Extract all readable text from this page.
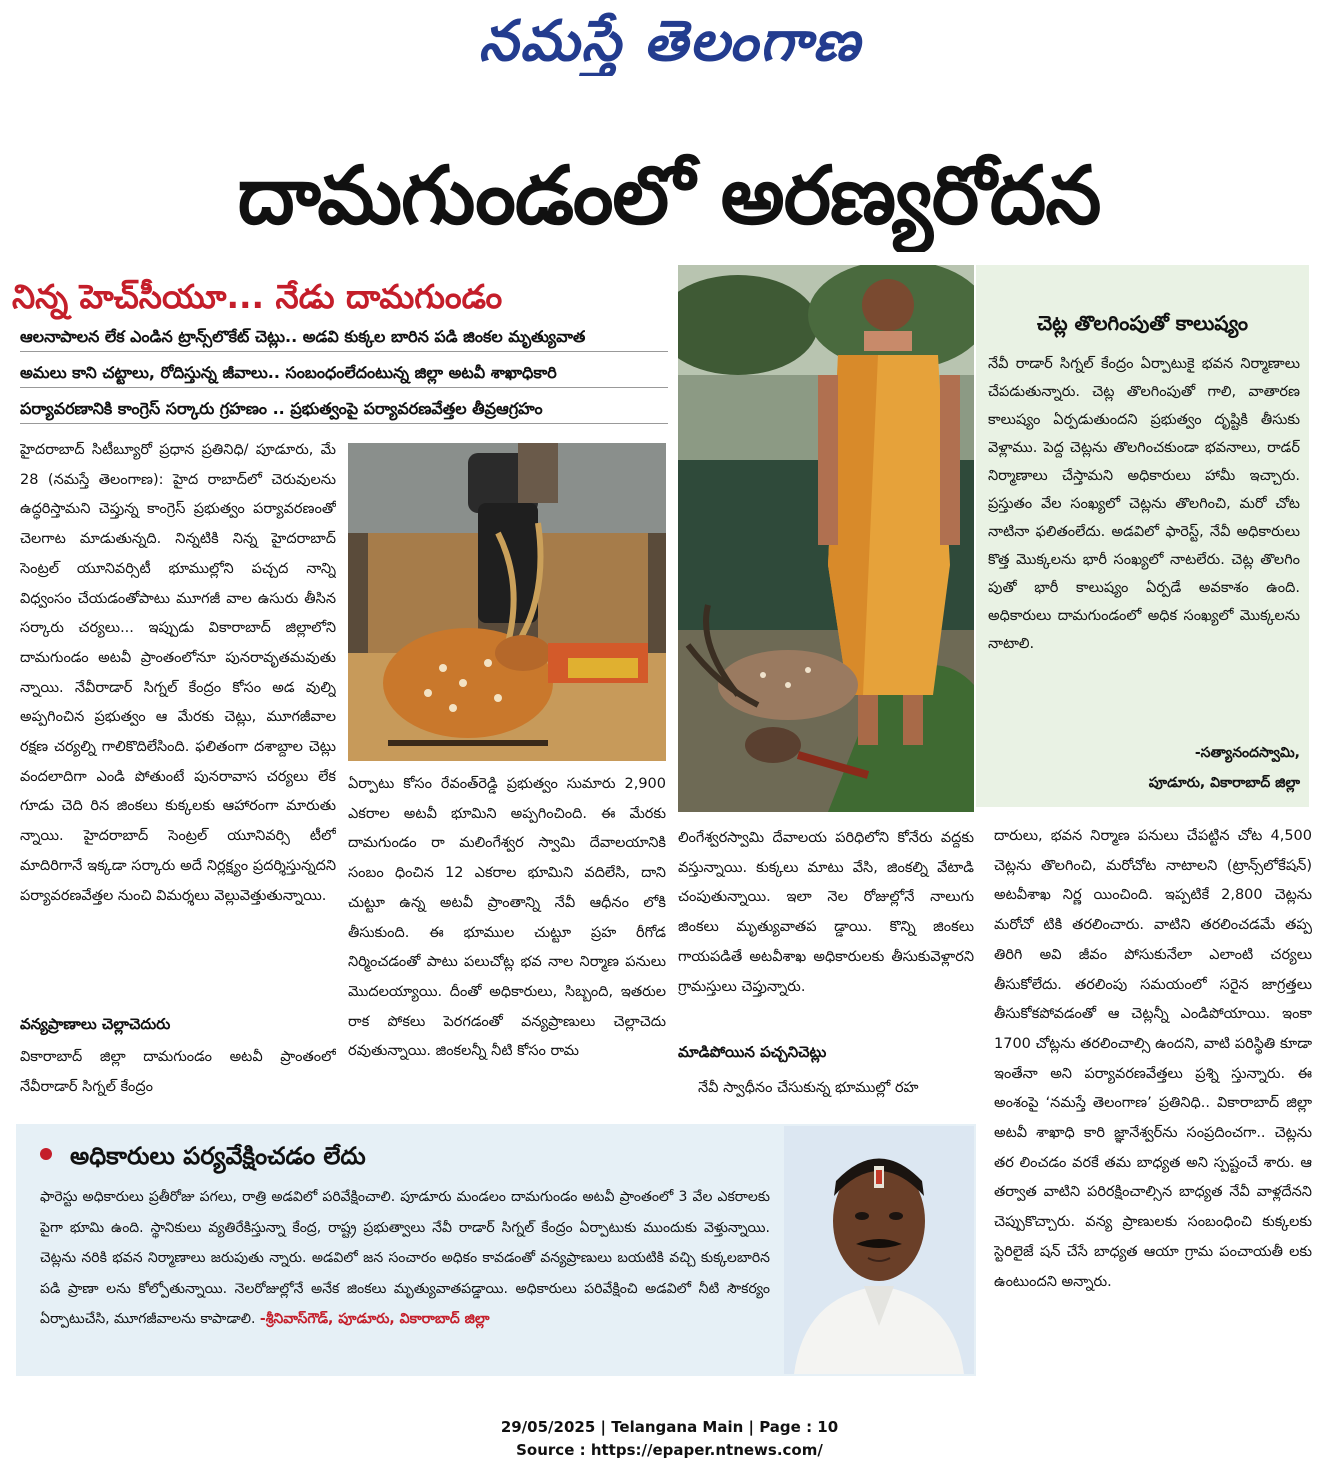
నమస్తే తెలంగాణ
దామగుండంలో అరణ్యరోదన
నిన్న హెచ్‌సీయూ... నేడు దామగుండం
ఆలనాపాలన లేక ఎండిన ట్రాన్స్‌లొకేట్ చెట్లు.. అడవి కుక్కల బారిన పడి జింకల మృత్యువాత
అమలు కాని చట్టాలు, రోదిస్తున్న జీవాలు.. సంబంధంలేదంటున్న జిల్లా అటవీ శాఖాధికారి
పర్యావరణానికి కాంగ్రెస్ సర్కారు గ్రహణం .. ప్రభుత్వంపై పర్యావరణవేత్తల తీవ్రఆగ్రహం

హైదరాబాద్ సిటీబ్యూరో ప్రధాన ప్రతినిధి/ పూడూరు, మే 28 (నమస్తే తెలంగాణ): హైద రాబాద్‌లో చెరువులను ఉద్ధరిస్తామని చెప్తున్న కాంగ్రెస్ ప్రభుత్వం పర్యావరణంతో చెలగాట మాడుతున్నది. నిన్నటికి నిన్న హైదరాబాద్ సెంట్రల్ యూనివర్సిటీ భూముల్లోని పచ్చద నాన్ని విధ్వంసం చేయడంతోపాటు మూగజీ వాల ఉసురు తీసిన సర్కారు చర్యలు... ఇప్పుడు వికారాబాద్ జిల్లాలోని దామగుండం అటవీ ప్రాంతంలోనూ పునరావృతమవుతు న్నాయి. నేవీరాడార్ సిగ్నల్ కేంద్రం కోసం అడ వుల్ని అప్పగించిన ప్రభుత్వం ఆ మేరకు చెట్లు, మూగజీవాల రక్షణ చర్యల్ని గాలికొదిలేసింది. ఫలితంగా దశాబ్దాల చెట్లు వందలాదిగా ఎండి పోతుంటే పునరావాస చర్యలు లేక గూడు చెది రిన జింకలు కుక్కలకు ఆహారంగా మారుతు న్నాయి. హైదరాబాద్ సెంట్రల్ యూనివర్సి టీలో మాదిరిగానే ఇక్కడా సర్కారు అదే నిర్లక్ష్యం ప్రదర్శిస్తున్నదని పర్యావరణవేత్తల నుంచి విమర్శలు వెల్లువెత్తుతున్నాయి.

వన్యప్రాణాలు చెల్లాచెదురు

వికారాబాద్ జిల్లా దామగుండం అటవీ ప్రాంతంలో నేవీరాడార్ సిగ్నల్ కేంద్రం

ఏర్పాటు కోసం రేవంత్‌రెడ్డి ప్రభుత్వం సుమారు 2,900 ఎకరాల అటవీ భూమిని అప్పగించింది. ఈ మేరకు దామగుండం రా మలింగేశ్వర స్వామి దేవాలయానికి సంబం ధించిన 12 ఎకరాల భూమిని వదిలేసి, దాని చుట్టూ ఉన్న అటవీ ప్రాంతాన్ని నేవీ ఆధీనం లోకి తీసుకుంది. ఈ భూముల చుట్టూ ప్రహ రీగోడ నిర్మించడంతో పాటు పలుచోట్ల భవ నాల నిర్మాణ పనులు మొదలయ్యాయి. దీంతో అధికారులు, సిబ్బంది, ఇతరుల రాక పోకలు పెరగడంతో వన్యప్రాణులు చెల్లాచెదు రవుతున్నాయి. జింకలన్నీ నీటి కోసం రామ

లింగేశ్వరస్వామి దేవాలయ పరిధిలోని కోనేరు వద్దకు వస్తున్నాయి. కుక్కలు మాటు వేసి, జింకల్ని వేటాడి చంపుతున్నాయి. ఇలా నెల రోజుల్లోనే నాలుగు జింకలు మృత్యువాతప డ్డాయి. కొన్ని జింకలు గాయపడితే అటవీశాఖ అధికారులకు తీసుకువెళ్లారని గ్రామస్తులు చెప్తున్నారు.

మాడిపోయిన పచ్చనిచెట్లు

నేవీ స్వాధీనం చేసుకున్న భూముల్లో రహ

చెట్ల తొలగింపుతో కాలుష్యం
నేవీ రాడార్ సిగ్నల్ కేంద్రం ఏర్పాటుకై భవన నిర్మాణాలు చేపడుతున్నారు. చెట్ల తొలగింపుతో గాలి, వాతారణ కాలుష్యం ఏర్పడుతుందని ప్రభుత్వం దృష్టికి తీసుకు వెళ్లాము. పెద్ద చెట్లను తొలగించకుండా భవనాలు, రాడర్ నిర్మాణాలు చేస్తామని అధికారులు హామీ ఇచ్చారు. ప్రస్తుతం వేల సంఖ్యలో చెట్లను తొలగించి, మరో చోట నాటినా ఫలితంలేదు. అడవిలో ఫారెస్ట్, నేవీ అధికారులు కొత్త మొక్కలను భారీ సంఖ్యలో నాటలేరు. చెట్ల తొలగిం పుతో భారీ కాలుష్యం ఏర్పడే అవకాశం ఉంది. అధికారులు దామగుండంలో అధిక సంఖ్యలో మొక్కలను నాటాలి.
-సత్యానందస్వామి,
పూడూరు, వికారాబాద్ జిల్లా

దారులు, భవన నిర్మాణ పనులు చేపట్టిన చోట 4,500 చెట్లను తొలగించి, మరోచోట నాటాలని (ట్రాన్స్‌లోకేషన్) అటవీశాఖ నిర్ణ యించింది. ఇప్పటికే 2,800 చెట్లను మరోచో టికి తరలించారు. వాటిని తరలించడమే తప్ప తిరిగి అవి జీవం పోసుకునేలా ఎలాంటి చర్యలు తీసుకోలేదు. తరలింపు సమయంలో సరైన జాగ్రత్తలు తీసుకోకపోవడంతో ఆ చెట్లన్నీ ఎండిపోయాయి. ఇంకా 1700 చోట్లను తరలించాల్సి ఉందని, వాటి పరిస్థితి కూడా ఇంతేనా అని పర్యావరణవేత్తలు ప్రశ్ని స్తున్నారు. ఈ అంశంపై ‘నమస్తే తెలంగాణ’ ప్రతినిధి.. వికారాబాద్ జిల్లా అటవీ శాఖాధి కారి జ్ఞానేశ్వర్‌ను సంప్రదించగా.. చెట్లను తర లించడం వరకే తమ బాధ్యత అని స్పష్టంచే శారు. ఆ తర్వాత వాటిని పరిరక్షించాల్సిన బాధ్యత నేవీ వాళ్లదేనని చెప్పుకొచ్చారు. వన్య ప్రాణులకు సంబంధించి కుక్కలకు స్టెరిలైజే షన్ చేసే బాధ్యత ఆయా గ్రామ పంచాయతీ లకు ఉంటుందని అన్నారు.

అధికారులు పర్యవేక్షించడం లేదు
ఫారెస్టు అధికారులు ప్రతీరోజు పగలు, రాత్రి అడవిలో పరివేక్షించాలి. పూడూరు మండలం దామగుండం అటవీ ప్రాంతంలో 3 వేల ఎకరాలకు పైగా భూమి ఉంది. స్థానికులు వ్యతిరేకిస్తున్నా కేంద్ర, రాష్ట్ర ప్రభుత్వాలు నేవీ రాడార్ సిగ్నల్ కేంద్రం ఏర్పాటుకు ముందుకు వెళ్తున్నాయి. చెట్లను నరికి భవన నిర్మాణాలు జరుపుతు న్నారు. అడవిలో జన సంచారం అధికం కావడంతో వన్యప్రాణులు బయటికి వచ్చి కుక్కలబారిన పడి ప్రాణా లను కోల్పోతున్నాయి. నెలరోజుల్లోనే అనేక జింకలు మృత్యువాతపడ్డాయి. అధికారులు పరివేక్షించి అడవిలో నీటి సౌకర్యం ఏర్పాటుచేసి, మూగజీవాలను కాపాడాలి. -శ్రీనివాస్‌గౌడ్, పూడూరు, వికారాబాద్ జిల్లా
29/05/2025 | Telangana Main | Page : 10
Source : https://epaper.ntnews.com/
